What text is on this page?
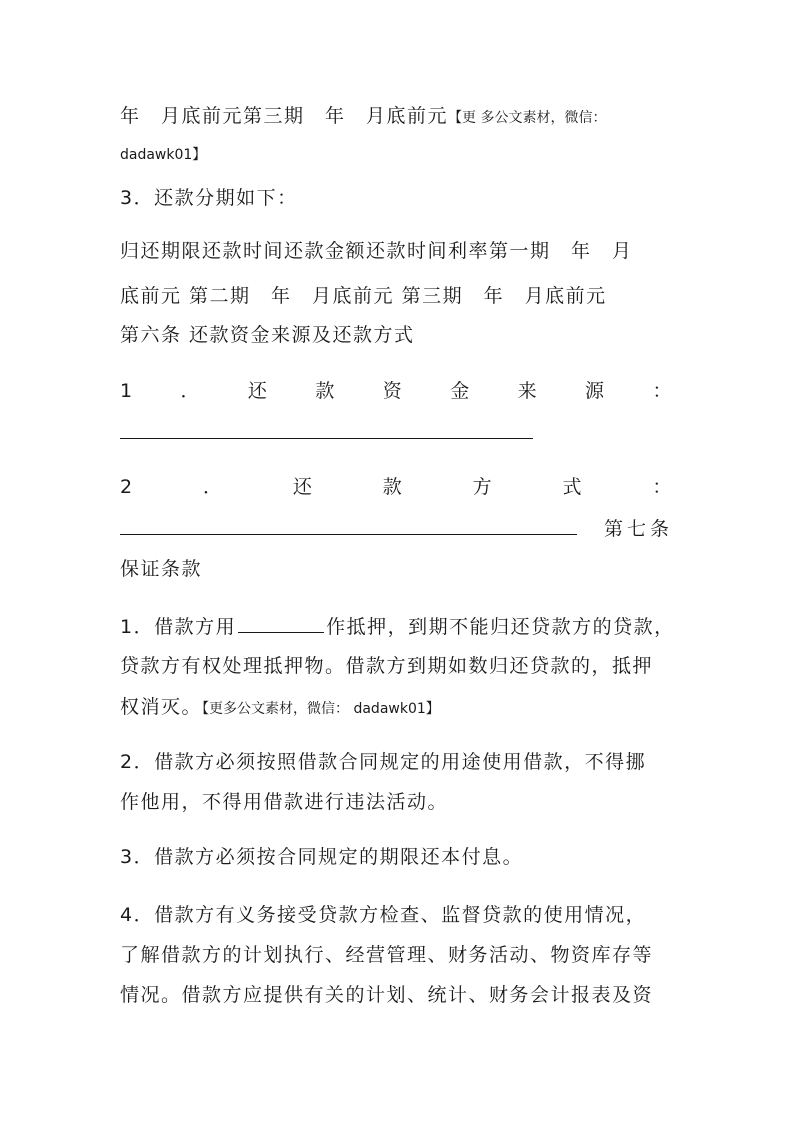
年　月底前元第三期　年　月底前元【更 多公文素材，微信：
dadawk01】
3．还款分期如下：
归还期限还款时间还款金额还款时间利率第一期　年　月
底前元 第二期　年　月底前元 第三期　年　月底前元
第六条 还款资金来源及还款方式
1 ． 还 款 资 金 来 源 ：
2	．	还	款	方	式	：
第七条
保证条款
1．借款方用	作抵押，到期不能归还贷款方的贷款，
贷款方有权处理抵押物。借款方到期如数归还贷款的，抵押
权消灭。【更多公文素材，微信： dadawk01】
2．借款方必须按照借款合同规定的用途使用借款，不得挪
作他用，不得用借款进行违法活动。
3．借款方必须按合同规定的期限还本付息。
4．借款方有义务接受贷款方检查、监督贷款的使用情况，
了解借款方的计划执行、经营管理、财务活动、物资库存等
情况。借款方应提供有关的计划、统计、财务会计报表及资
